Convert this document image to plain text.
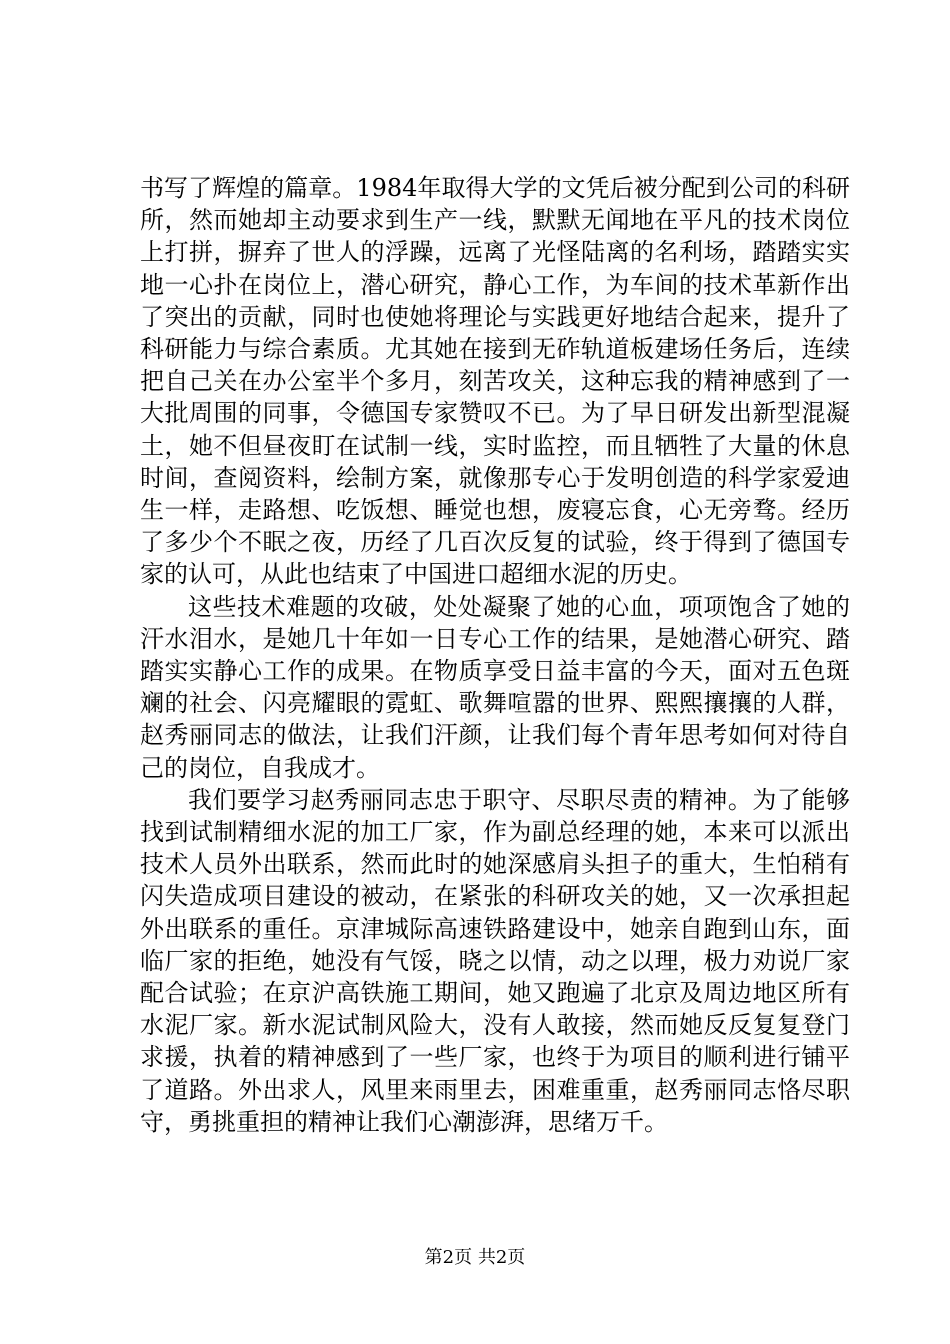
书写了辉煌的篇章。1984年取得大学的文凭后被分配到公司的科研所，然而她却主动要求到生产一线，默默无闻地在平凡的技术岗位上打拼，摒弃了世人的浮躁，远离了光怪陆离的名利场，踏踏实实地一心扑在岗位上，潜心研究，静心工作，为车间的技术革新作出了突出的贡献，同时也使她将理论与实践更好地结合起来，提升了科研能力与综合素质。尤其她在接到无砟轨道板建场任务后，连续把自己关在办公室半个多月，刻苦攻关，这种忘我的精神感到了一大批周围的同事，令德国专家赞叹不已。为了早日研发出新型混凝土，她不但昼夜盯在试制一线，实时监控，而且牺牲了大量的休息时间，查阅资料，绘制方案，就像那专心于发明创造的科学家爱迪生一样，走路想、吃饭想、睡觉也想，废寝忘食，心无旁骛。经历了多少个不眠之夜，历经了几百次反复的试验，终于得到了德国专家的认可，从此也结束了中国进口超细水泥的历史。

这些技术难题的攻破，处处凝聚了她的心血，项项饱含了她的汗水泪水，是她几十年如一日专心工作的结果，是她潜心研究、踏踏实实静心工作的成果。在物质享受日益丰富的今天，面对五色斑斓的社会、闪亮耀眼的霓虹、歌舞喧嚣的世界、熙熙攘攘的人群，赵秀丽同志的做法，让我们汗颜，让我们每个青年思考如何对待自己的岗位，自我成才。

我们要学习赵秀丽同志忠于职守、尽职尽责的精神。为了能够找到试制精细水泥的加工厂家，作为副总经理的她，本来可以派出技术人员外出联系，然而此时的她深感肩头担子的重大，生怕稍有闪失造成项目建设的被动，在紧张的科研攻关的她，又一次承担起外出联系的重任。京津城际高速铁路建设中，她亲自跑到山东，面临厂家的拒绝，她没有气馁，晓之以情，动之以理，极力劝说厂家配合试验；在京沪高铁施工期间，她又跑遍了北京及周边地区所有水泥厂家。新水泥试制风险大，没有人敢接，然而她反反复复登门求援，执着的精神感到了一些厂家，也终于为项目的顺利进行铺平了道路。外出求人，风里来雨里去，困难重重，赵秀丽同志恪尽职守，勇挑重担的精神让我们心潮澎湃，思绪万千。

第2页 共2页
